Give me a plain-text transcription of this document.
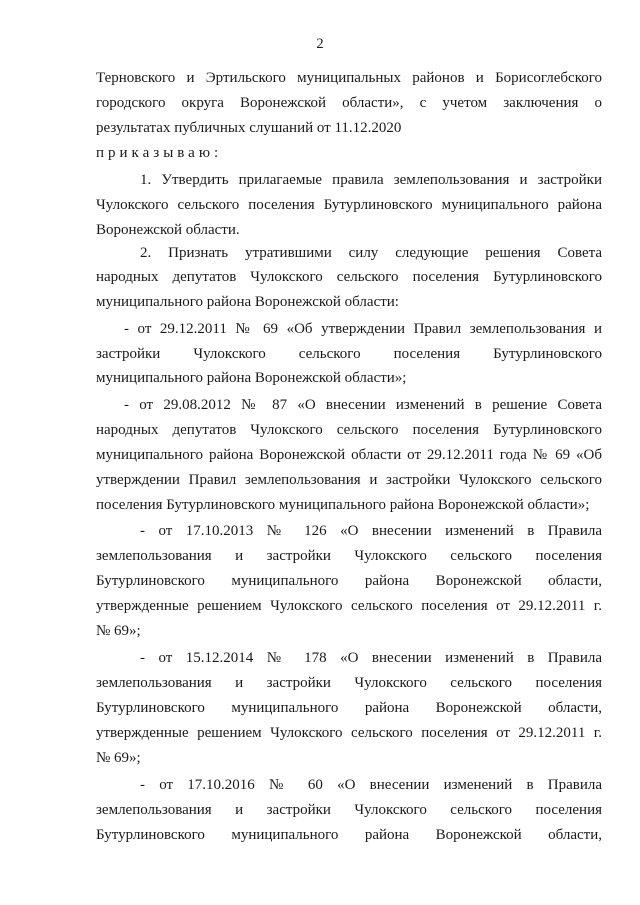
2
Терновского и Эртильского муниципальных районов и Борисоглебского
городского округа Воронежской области», с учетом заключения о
результатах публичных слушаний от 11.12.2020
приказываю:
1. Утвердить прилагаемые правила землепользования и застройки
Чулокского сельского поселения Бутурлиновского муниципального района
Воронежской области.
2. Признать утратившими силу следующие решения Совета
народных депутатов Чулокского сельского поселения Бутурлиновского
муниципального района Воронежской области:
- от 29.12.2011 № 69 «Об утверждении Правил землепользования и
застройки Чулокского сельского поселения Бутурлиновского
муниципального района Воронежской области»;
- от 29.08.2012 № 87 «О внесении изменений в решение Совета
народных депутатов Чулокского сельского поселения Бутурлиновского
муниципального района Воронежской области от 29.12.2011 года № 69 «Об
утверждении Правил землепользования и застройки Чулокского сельского
поселения Бутурлиновского муниципального района Воронежской области»;
- от 17.10.2013 № 126 «О внесении изменений в Правила
землепользования и застройки Чулокского сельского поселения
Бутурлиновского муниципального района Воронежской области,
утвержденные решением Чулокского сельского поселения от 29.12.2011 г.
№ 69»;
- от 15.12.2014 № 178 «О внесении изменений в Правила
землепользования и застройки Чулокского сельского поселения
Бутурлиновского муниципального района Воронежской области,
утвержденные решением Чулокского сельского поселения от 29.12.2011 г.
№ 69»;
- от 17.10.2016 № 60 «О внесении изменений в Правила
землепользования и застройки Чулокского сельского поселения
Бутурлиновского муниципального района Воронежской области,
